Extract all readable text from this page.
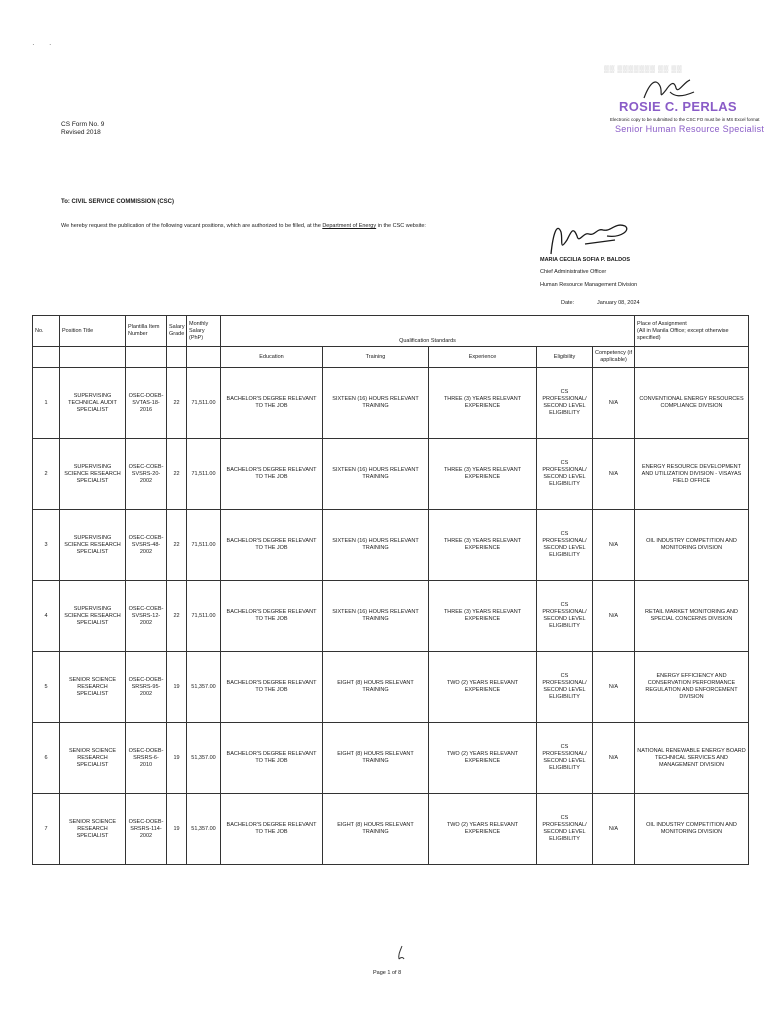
· ·
▒▒ ▒▒▒▒▒▒▒ ▒▒ ▒▒
ROSIE C. PERLAS
Electronic copy to be submitted to the CSC FO must be in MS Excel format
Senior Human Resource Specialist
CS Form No. 9
Revised 2018
To: CIVIL SERVICE COMMISSION (CSC)
We hereby request the publication of the following vacant positions, which are authorized to be filled, at the Department of Energy in the CSC website:
MARIA CECILIA SOFIA P. BALDOS
Chief Administrative Officer
Human Resource Management Division
Date:	January 08, 2024
No.	Position Title	Plantilla Item Number	Salary Grade	Monthly Salary (PhP)	Qualification Standards					Place of Assignment
(All in Manila Office; except otherwise specified)

					Education	Training	Experience	Eligibility	Competency (if applicable)	
1	SUPERVISING TECHNICAL AUDIT SPECIALIST	OSEC-DOEB-SVTAS-18-2016	22	71,511.00	BACHELOR'S DEGREE RELEVANT TO THE JOB	SIXTEEN (16) HOURS RELEVANT TRAINING	THREE (3) YEARS RELEVANT EXPERIENCE	CS PROFESSIONAL/ SECOND LEVEL ELIGIBILITY	N/A	CONVENTIONAL ENERGY RESOURCES COMPLIANCE DIVISION
2	SUPERVISING SCIENCE RESEARCH SPECIALIST	OSEC-COEB-SVSRS-20-2002	22	71,511.00	BACHELOR'S DEGREE RELEVANT TO THE JOB	SIXTEEN (16) HOURS RELEVANT TRAINING	THREE (3) YEARS RELEVANT EXPERIENCE	CS PROFESSIONAL/ SECOND LEVEL ELIGIBILITY	N/A	ENERGY RESOURCE DEVELOPMENT AND UTILIZATION DIVISION - VISAYAS FIELD OFFICE
3	SUPERVISING SCIENCE RESEARCH SPECIALIST	OSEC-COEB-SVSRS-48-2002	22	71,511.00	BACHELOR'S DEGREE RELEVANT TO THE JOB	SIXTEEN (16) HOURS RELEVANT TRAINING	THREE (3) YEARS RELEVANT EXPERIENCE	CS PROFESSIONAL/ SECOND LEVEL ELIGIBILITY	N/A	OIL INDUSTRY COMPETITION AND MONITORING DIVISION
4	SUPERVISING SCIENCE RESEARCH SPECIALIST	OSEC-COEB-SVSRS-12-2002	22	71,511.00	BACHELOR'S DEGREE RELEVANT TO THE JOB	SIXTEEN (16) HOURS RELEVANT TRAINING	THREE (3) YEARS RELEVANT EXPERIENCE	CS PROFESSIONAL/ SECOND LEVEL ELIGIBILITY	N/A	RETAIL MARKET MONITORING AND SPECIAL CONCERNS DIVISION
5	SENIOR SCIENCE RESEARCH SPECIALIST	OSEC-DOEB-SRSRS-95-2002	19	51,357.00	BACHELOR'S DEGREE RELEVANT TO THE JOB	EIGHT (8) HOURS RELEVANT TRAINING	TWO (2) YEARS RELEVANT EXPERIENCE	CS PROFESSIONAL/ SECOND LEVEL ELIGIBILITY	N/A	ENERGY EFFICIENCY AND CONSERVATION PERFORMANCE REGULATION AND ENFORCEMENT DIVISION
6	SENIOR SCIENCE RESEARCH SPECIALIST	OSEC-DOEB-SRSRS-6-2010	19	51,357.00	BACHELOR'S DEGREE RELEVANT TO THE JOB	EIGHT (8) HOURS RELEVANT TRAINING	TWO (2) YEARS RELEVANT EXPERIENCE	CS PROFESSIONAL/ SECOND LEVEL ELIGIBILITY	N/A	NATIONAL RENEWABLE ENERGY BOARD TECHNICAL SERVICES AND MANAGEMENT DIVISION
7	SENIOR SCIENCE RESEARCH SPECIALIST	OSEC-DOEB-SRSRS-114-2002	19	51,357.00	BACHELOR'S DEGREE RELEVANT TO THE JOB	EIGHT (8) HOURS RELEVANT TRAINING	TWO (2) YEARS RELEVANT EXPERIENCE	CS PROFESSIONAL/ SECOND LEVEL ELIGIBILITY	N/A	OIL INDUSTRY COMPETITION AND MONITORING DIVISION
Page 1 of 8
